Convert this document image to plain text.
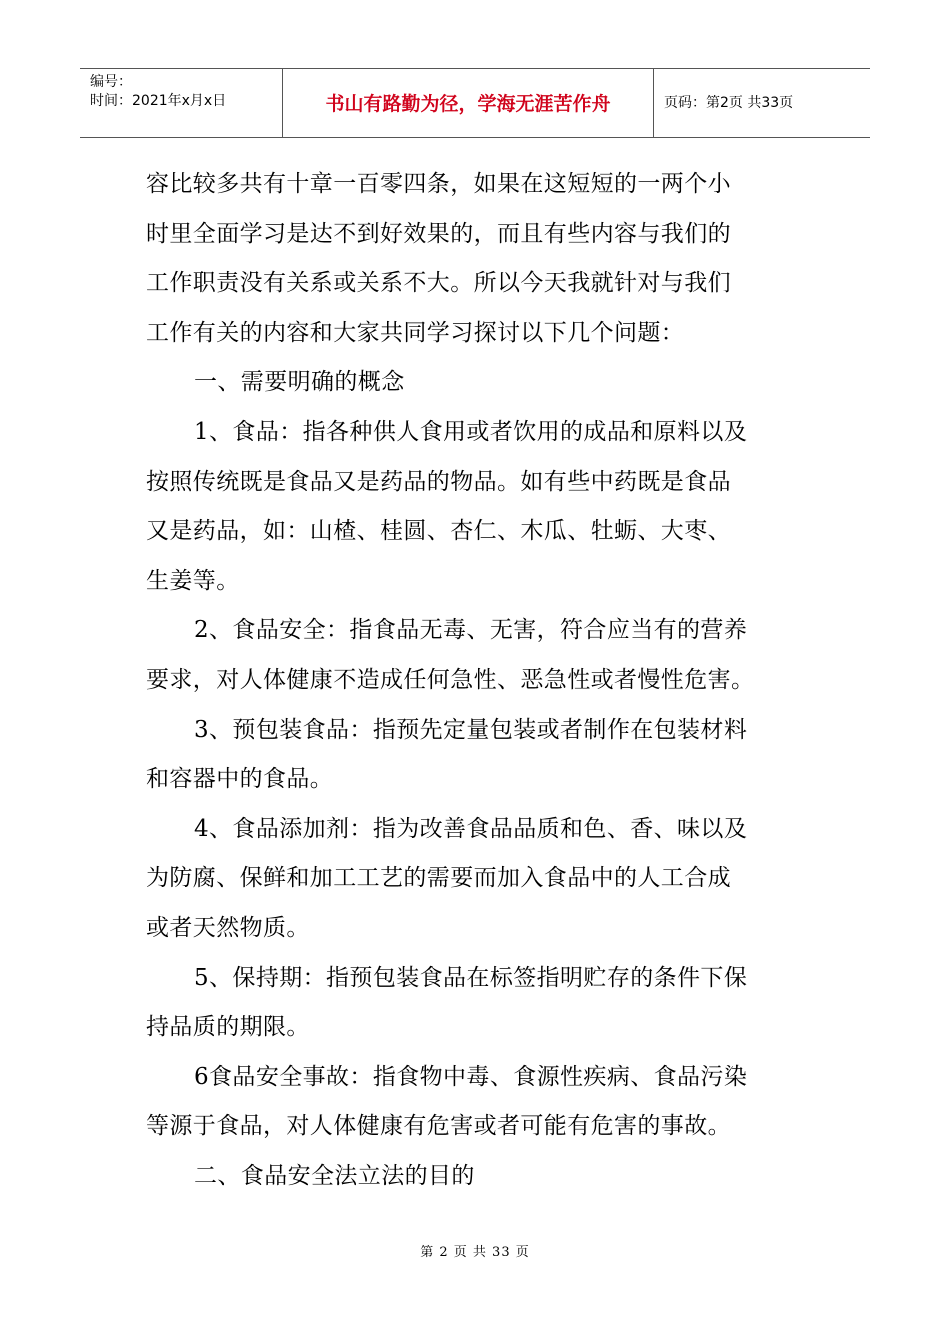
编号：
时间：2021年x月x日	书山有路勤为径，学海无涯苦作舟	页码：第2页 共33页

容比较多共有十章一百零四条，如果在这短短的一两个小

时里全面学习是达不到好效果的，而且有些内容与我们的

工作职责没有关系或关系不大。所以今天我就针对与我们

工作有关的内容和大家共同学习探讨以下几个问题：

一、需要明确的概念

1、食品：指各种供人食用或者饮用的成品和原料以及

按照传统既是食品又是药品的物品。如有些中药既是食品

又是药品，如：山楂、桂圆、杏仁、木瓜、牡蛎、大枣、

生姜等。

2、食品安全：指食品无毒、无害，符合应当有的营养

要求，对人体健康不造成任何急性、恶急性或者慢性危害。

3、预包装食品：指预先定量包装或者制作在包装材料

和容器中的食品。

4、食品添加剂：指为改善食品品质和色、香、味以及

为防腐、保鲜和加工工艺的需要而加入食品中的人工合成

或者天然物质。

5、保持期：指预包装食品在标签指明贮存的条件下保

持品质的期限。

6食品安全事故：指食物中毒、食源性疾病、食品污染

等源于食品，对人体健康有危害或者可能有危害的事故。

二、食品安全法立法的目的

第 2 页 共 33 页
